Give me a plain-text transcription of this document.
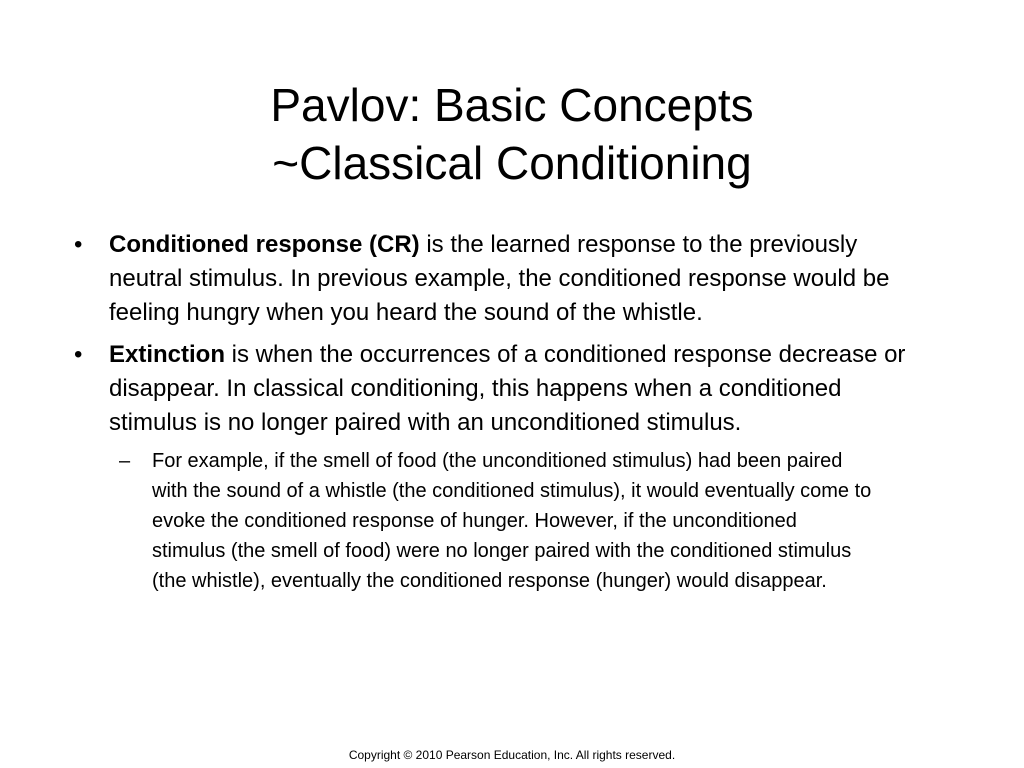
Pavlov: Basic Concepts
~Classical Conditioning
• Conditioned response (CR) is the learned response to the previously neutral stimulus. In previous example, the conditioned response would be feeling hungry when you heard the sound of the whistle.
• Extinction is when the occurrences of a conditioned response decrease or disappear. In classical conditioning, this happens when a conditioned stimulus is no longer paired with an unconditioned stimulus.
– For example, if the smell of food (the unconditioned stimulus) had been paired with the sound of a whistle (the conditioned stimulus), it would eventually come to evoke the conditioned response of hunger. However, if the unconditioned stimulus (the smell of food) were no longer paired with the conditioned stimulus (the whistle), eventually the conditioned response (hunger) would disappear.
Copyright © 2010 Pearson Education, Inc. All rights reserved.
